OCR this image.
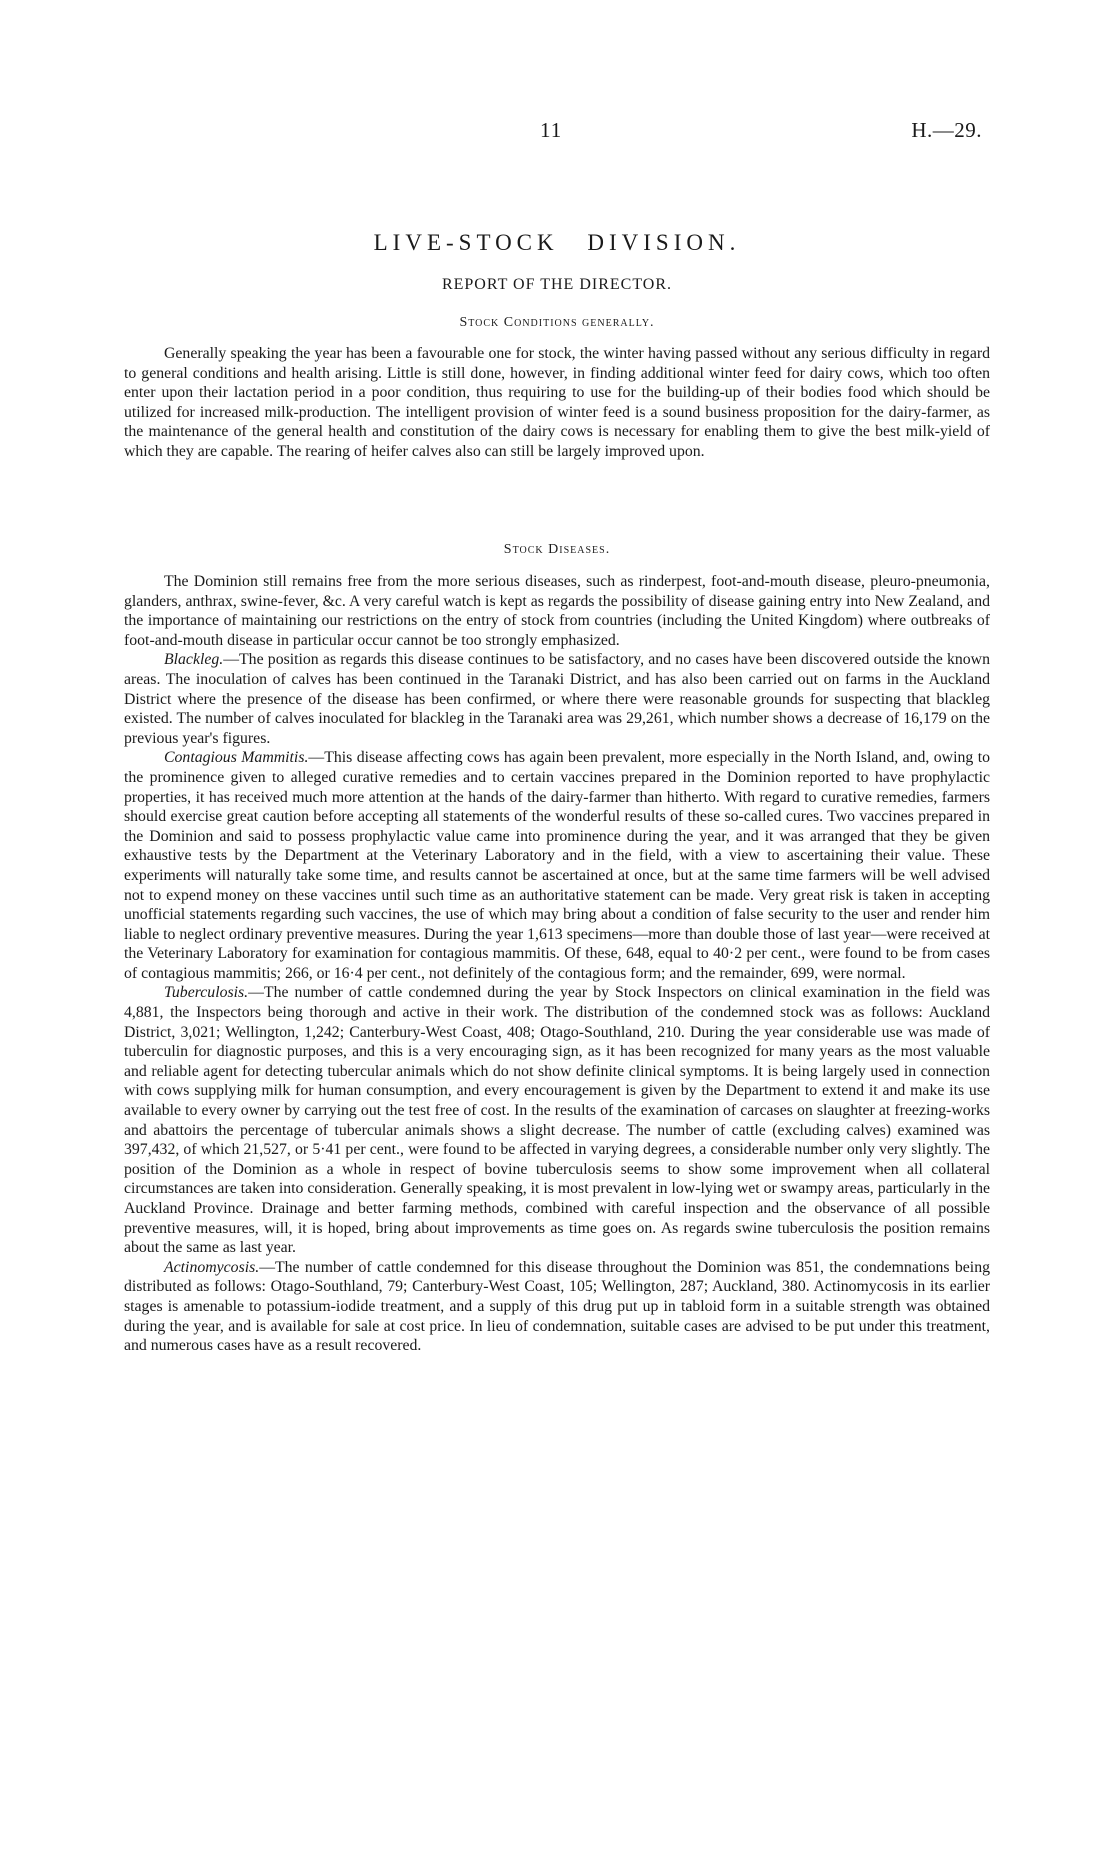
11	H.—29.
LIVE-STOCK DIVISION.
REPORT OF THE DIRECTOR.
Stock Conditions generally.

Generally speaking the year has been a favourable one for stock, the winter having passed without any serious difficulty in regard to general conditions and health arising. Little is still done, however, in finding additional winter feed for dairy cows, which too often enter upon their lactation period in a poor condition, thus requiring to use for the building-up of their bodies food which should be utilized for increased milk-production. The intelligent provision of winter feed is a sound business proposition for the dairy-farmer, as the maintenance of the general health and constitution of the dairy cows is necessary for enabling them to give the best milk-yield of which they are capable. The rearing of heifer calves also can still be largely improved upon.

Stock Diseases.

The Dominion still remains free from the more serious diseases, such as rinderpest, foot-and-mouth disease, pleuro-pneumonia, glanders, anthrax, swine-fever, &c. A very careful watch is kept as regards the possibility of disease gaining entry into New Zealand, and the importance of maintaining our restrictions on the entry of stock from countries (including the United Kingdom) where outbreaks of foot-and-mouth disease in particular occur cannot be too strongly emphasized.

Blackleg.—The position as regards this disease continues to be satisfactory, and no cases have been discovered outside the known areas. The inoculation of calves has been continued in the Taranaki District, and has also been carried out on farms in the Auckland District where the presence of the disease has been confirmed, or where there were reasonable grounds for suspecting that blackleg existed. The number of calves inoculated for blackleg in the Taranaki area was 29,261, which number shows a decrease of 16,179 on the previous year's figures.

Contagious Mammitis.—This disease affecting cows has again been prevalent, more especially in the North Island, and, owing to the prominence given to alleged curative remedies and to certain vaccines prepared in the Dominion reported to have prophylactic properties, it has received much more attention at the hands of the dairy-farmer than hitherto. With regard to curative remedies, farmers should exercise great caution before accepting all statements of the wonderful results of these so-called cures. Two vaccines prepared in the Dominion and said to possess prophylactic value came into prominence during the year, and it was arranged that they be given exhaustive tests by the Department at the Veterinary Laboratory and in the field, with a view to ascertaining their value. These experiments will naturally take some time, and results cannot be ascertained at once, but at the same time farmers will be well advised not to expend money on these vaccines until such time as an authoritative statement can be made. Very great risk is taken in accepting unofficial statements regarding such vaccines, the use of which may bring about a condition of false security to the user and render him liable to neglect ordinary preventive measures. During the year 1,613 specimens—more than double those of last year—were received at the Veterinary Laboratory for examination for contagious mammitis. Of these, 648, equal to 40·2 per cent., were found to be from cases of contagious mammitis; 266, or 16·4 per cent., not definitely of the contagious form; and the remainder, 699, were normal.

Tuberculosis.—The number of cattle condemned during the year by Stock Inspectors on clinical examination in the field was 4,881, the Inspectors being thorough and active in their work. The distribution of the condemned stock was as follows: Auckland District, 3,021; Wellington, 1,242; Canterbury-West Coast, 408; Otago-Southland, 210. During the year considerable use was made of tuberculin for diagnostic purposes, and this is a very encouraging sign, as it has been recognized for many years as the most valuable and reliable agent for detecting tubercular animals which do not show definite clinical symptoms. It is being largely used in connection with cows supplying milk for human consumption, and every encouragement is given by the Department to extend it and make its use available to every owner by carrying out the test free of cost. In the results of the examination of carcases on slaughter at freezing-works and abattoirs the percentage of tubercular animals shows a slight decrease. The number of cattle (excluding calves) examined was 397,432, of which 21,527, or 5·41 per cent., were found to be affected in varying degrees, a considerable number only very slightly. The position of the Dominion as a whole in respect of bovine tuberculosis seems to show some improvement when all collateral circumstances are taken into consideration. Generally speaking, it is most prevalent in low-lying wet or swampy areas, particularly in the Auckland Province. Drainage and better farming methods, combined with careful inspection and the observance of all possible preventive measures, will, it is hoped, bring about improvements as time goes on. As regards swine tuberculosis the position remains about the same as last year.

Actinomycosis.—The number of cattle condemned for this disease throughout the Dominion was 851, the condemnations being distributed as follows: Otago-Southland, 79; Canterbury-West Coast, 105; Wellington, 287; Auckland, 380. Actinomycosis in its earlier stages is amenable to potassium-iodide treatment, and a supply of this drug put up in tabloid form in a suitable strength was obtained during the year, and is available for sale at cost price. In lieu of condemnation, suitable cases are advised to be put under this treatment, and numerous cases have as a result recovered.
